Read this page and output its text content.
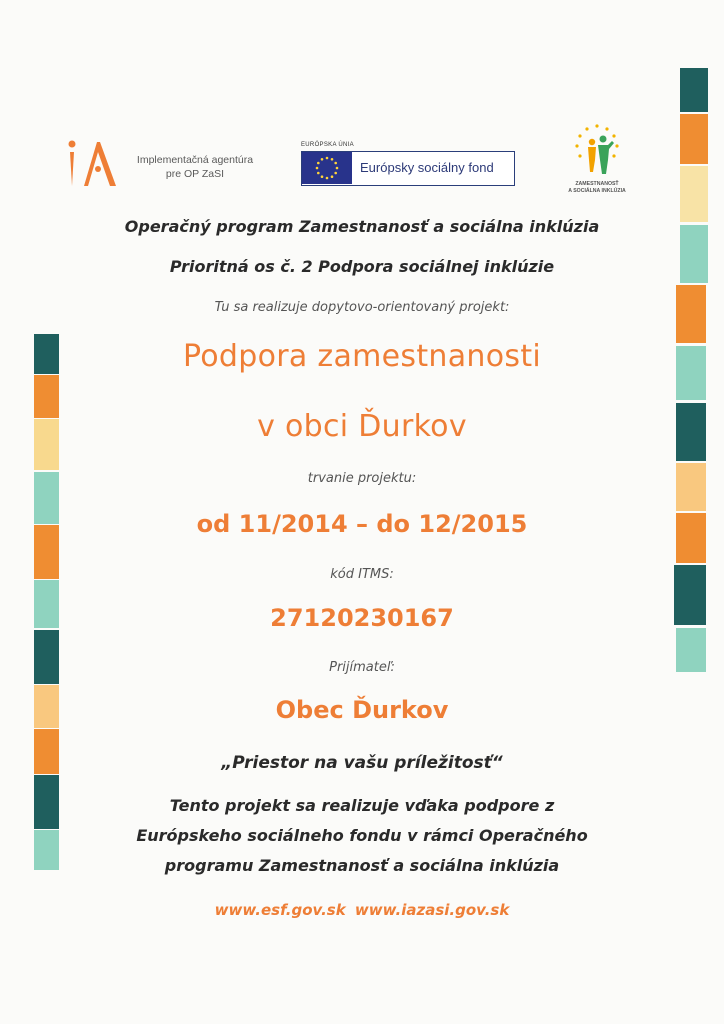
Implementačná agentúra
pre OP ZaSI
EURÓPSKA ÚNIA
Európsky sociálny fond
ZAMESTNANOSŤ
A SOCIÁLNA INKLÚZIA
Operačný program Zamestnanosť a sociálna inklúzia
Prioritná os č. 2 Podpora sociálnej inklúzie
Tu sa realizuje dopytovo-orientovaný projekt:
Podpora zamestnanosti
v obci Ďurkov
trvanie projektu:
od 11/2014 – do 12/2015
kód ITMS:
27120230167
Prijímateľ:
Obec Ďurkov
„Priestor na vašu príležitosť“
Tento projekt sa realizuje vďaka podpore z
Európskeho sociálneho fondu v rámci Operačného
programu Zamestnanosť a sociálna inklúzia
www.esf.gov.sk www.iazasi.gov.sk
